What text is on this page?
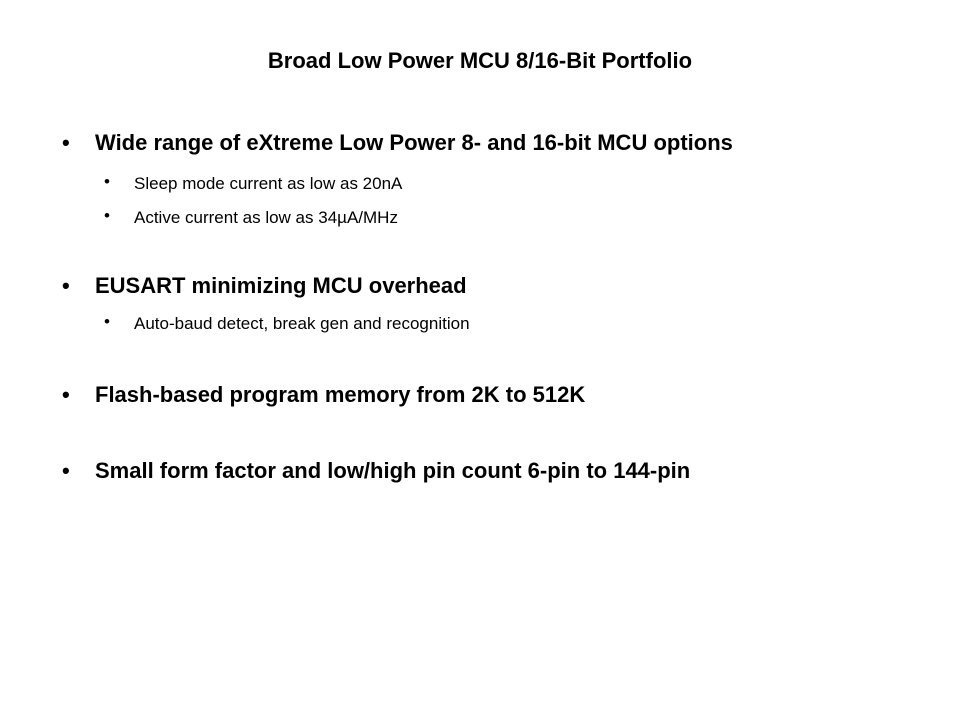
Broad Low Power MCU 8/16-Bit Portfolio
•	Wide range of eXtreme Low Power 8- and 16-bit MCU options
•	Sleep mode current as low as 20nA
•	Active current as low as 34µA/MHz
•	EUSART minimizing MCU overhead
•	Auto-baud detect, break gen and recognition
•	Flash-based program memory from 2K to 512K
•	Small form factor and low/high pin count 6-pin to 144-pin
